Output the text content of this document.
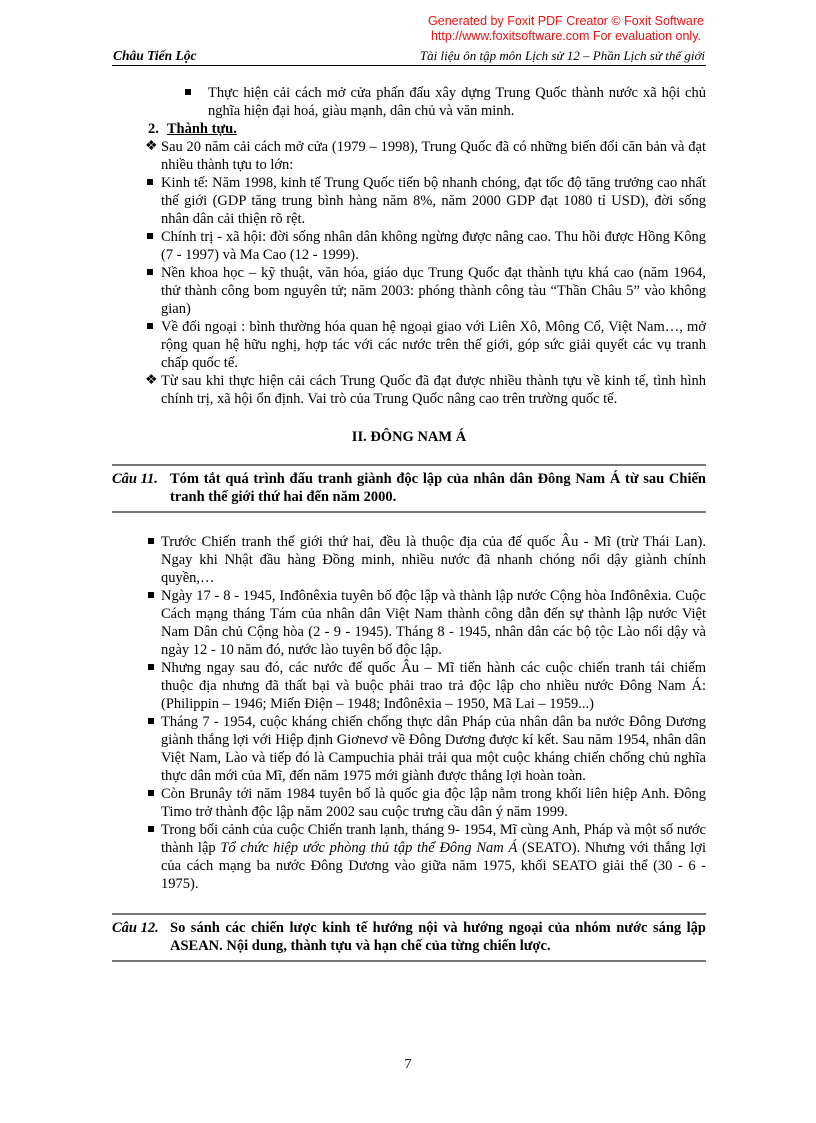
Generated by Foxit PDF Creator © Foxit Software
http://www.foxitsoftware.com For evaluation only.
Châu Tiến Lộc	Tài liệu ôn tập môn Lịch sử 12 – Phần Lịch sử thế giới

Thực hiện cải cách mở cửa phấn đấu xây dựng Trung Quốc thành nước xã hội chủ nghĩa hiện đại hoá, giàu mạnh, dân chủ và văn minh.

2. Thành tựu.

❖ Sau 20 năm cải cách mở cửa (1979 – 1998), Trung Quốc đã có những biến đổi căn bản và đạt nhiều thành tựu to lớn:

Kinh tế: Năm 1998, kinh tế Trung Quốc tiến bộ nhanh chóng, đạt tốc độ tăng trưởng cao nhất thế giới (GDP tăng trung bình hàng năm 8%, năm 2000 GDP đạt 1080 tỉ USD), đời sống nhân dân cải thiện rõ rệt.

Chính trị - xã hội: đời sống nhân dân không ngừng được nâng cao. Thu hồi được Hồng Kông (7 - 1997) và Ma Cao (12 - 1999).

Nền khoa học – kỹ thuật, văn hóa, giáo dục Trung Quốc đạt thành tựu khá cao (năm 1964, thử thành công bom nguyên tử; năm 2003: phóng thành công tàu “Thần Châu 5” vào không gian)

Về đối ngoại : bình thường hóa quan hệ ngoại giao với Liên Xô, Mông Cổ, Việt Nam…, mở rộng quan hệ hữu nghị, hợp tác với các nước trên thế giới, góp sức giải quyết các vụ tranh chấp quốc tế.

❖ Từ sau khi thực hiện cải cách Trung Quốc đã đạt được nhiều thành tựu về kinh tế, tình hình chính trị, xã hội ổn định. Vai trò của Trung Quốc nâng cao trên trường quốc tế.

II. ĐÔNG NAM Á
Câu 11. Tóm tắt quá trình đấu tranh giành độc lập của nhân dân Đông Nam Á từ sau Chiến tranh thế giới thứ hai đến năm 2000.

Trước Chiến tranh thế giới thứ hai, đều là thuộc địa của đế quốc Âu - Mĩ (trừ Thái Lan). Ngay khi Nhật đầu hàng Đồng minh, nhiều nước đã nhanh chóng nổi dậy giành chính quyền,…

Ngày 17 - 8 - 1945, Inđônêxia tuyên bố độc lập và thành lập nước Cộng hòa Inđônêxia. Cuộc Cách mạng tháng Tám của nhân dân Việt Nam thành công dẫn đến sự thành lập nước Việt Nam Dân chủ Cộng hòa (2 - 9 - 1945). Tháng 8 - 1945, nhân dân các bộ tộc Lào nổi dậy và ngày 12 - 10 năm đó, nước lào tuyên bố độc lập.

Nhưng ngay sau đó, các nước đế quốc Âu – Mĩ tiến hành các cuộc chiến tranh tái chiếm thuộc địa nhưng đã thất bại và buộc phải trao trả độc lập cho nhiều nước Đông Nam Á: (Philippin – 1946; Miến Điện – 1948; Inđônêxia – 1950, Mã Lai – 1959...)

Tháng 7 - 1954, cuộc kháng chiến chống thực dân Pháp của nhân dân ba nước Đông Dương giành thắng lợi với Hiệp định Giơnevơ về Đông Dương được kí kết. Sau năm 1954, nhân dân Việt Nam, Lào và tiếp đó là Campuchia phải trải qua một cuộc kháng chiến chống chủ nghĩa thực dân mới của Mĩ, đến năm 1975 mới giành được thắng lợi hoàn toàn.

Còn Brunây tới năm 1984 tuyên bố là quốc gia độc lập nằm trong khối liên hiệp Anh. Đông Timo trở thành độc lập năm 2002 sau cuộc trưng cầu dân ý năm 1999.

Trong bối cảnh của cuộc Chiến tranh lạnh, tháng 9- 1954, Mĩ cùng Anh, Pháp và một số nước thành lập Tổ chức hiệp ước phòng thủ tập thể Đông Nam Á (SEATO). Nhưng với thắng lợi của cách mạng ba nước Đông Dương vào giữa năm 1975, khối SEATO giải thể (30 - 6 - 1975).

Câu 12. So sánh các chiến lược kinh tế hướng nội và hướng ngoại của nhóm nước sáng lập ASEAN. Nội dung, thành tựu và hạn chế của từng chiến lược.
7
